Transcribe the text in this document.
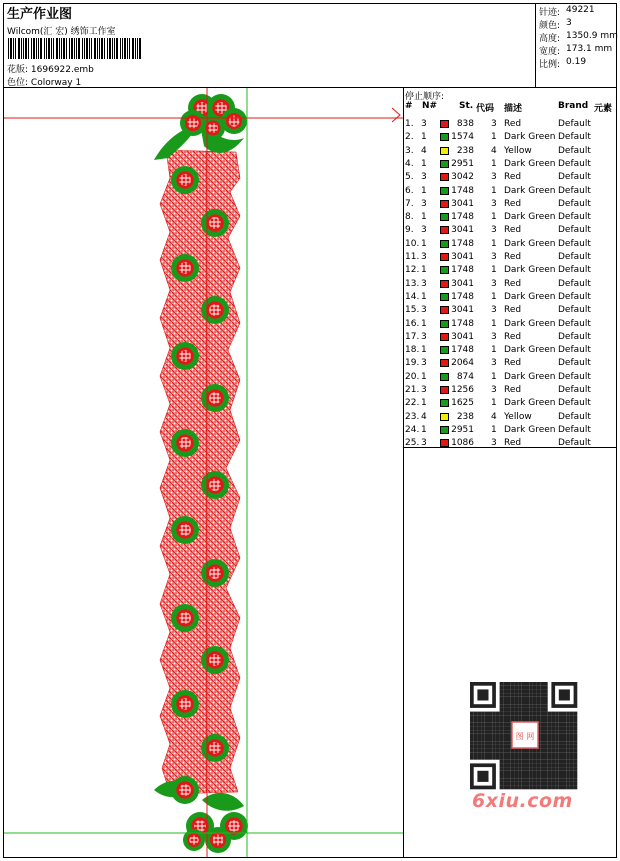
生产作业图
Wilcom(汇 宏) 绣饰工作室
花版: 1696922.emb
色位: Colorway 1
针迹: 49221
颜色: 3
高度: 1350.9 mm
宽度: 173.1 mm
比例: 0.19
停止顺序:
# N# St. 代码 描述	Brand 元素
1. 3	838 3 Red	Default
2. 1	1574 1 Dark Green Default
3. 4	238 4 Yellow	Default
4. 1	2951 1 Dark Green Default
5. 3	3042 3 Red	Default
6. 1	1748 1 Dark Green Default
7. 3	3041 3 Red	Default
8. 1	1748 1 Dark Green Default
9. 3	3041 3 Red	Default
10. 1	1748 1 Dark Green Default
11. 3	3041 3 Red	Default
12. 1	1748 1 Dark Green Default
13. 3	3041 3 Red	Default
14. 1	1748 1 Dark Green Default
15. 3	3041 3 Red	Default
16. 1	1748 1 Dark Green Default
17. 3	3041 3 Red	Default
18. 1	1748 1 Dark Green Default
19. 3	2064 3 Red	Default
20. 1	874 1 Dark Green Default
21. 3	1256 3 Red	Default
22. 1	1625 1 Dark Green Default
23. 4	238 4 Yellow	Default
24. 1	2951 1 Dark Green Default
25. 3	1086 3 Red	Default
图 网
6xiu.com
